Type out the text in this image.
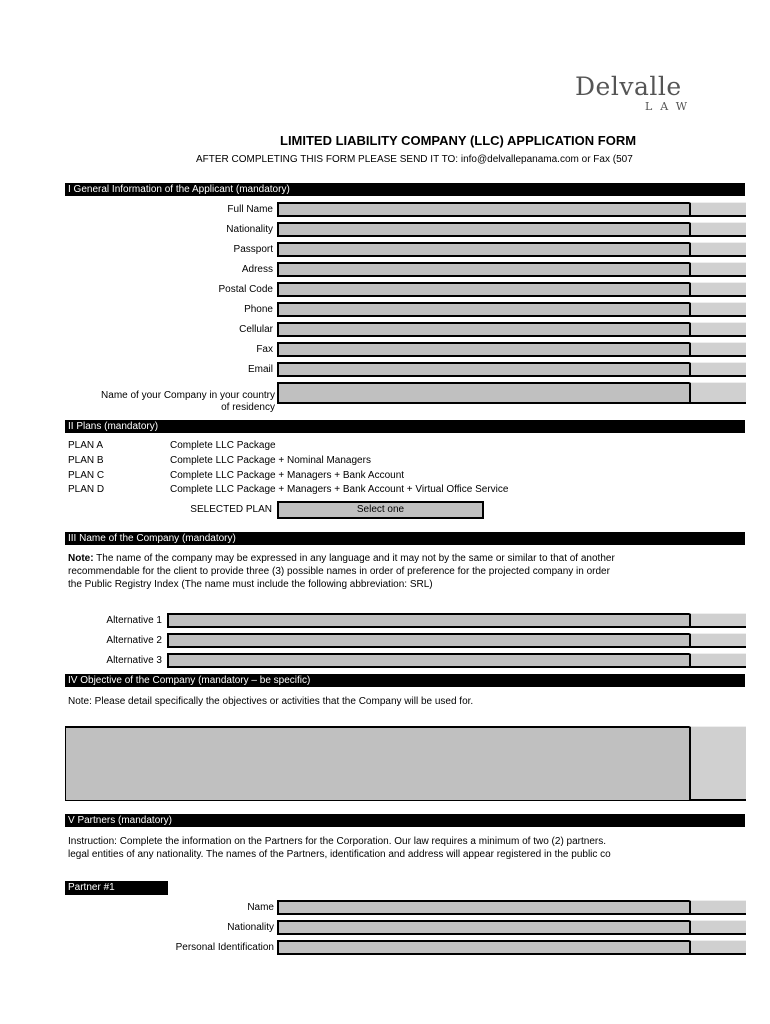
Delvalle
LAW
LIMITED LIABILITY COMPANY (LLC) APPLICATION FORM
AFTER COMPLETING THIS FORM PLEASE SEND IT TO: info@delvallepanama.com or Fax (507
I General Information of the Applicant (mandatory)
Full Name
Nationality
Passport
Adress
Postal Code
Phone
Cellular
Fax
Email
Name of your Company in your country
of residency
II Plans (mandatory)
PLAN A	Complete LLC Package
PLAN B	Complete LLC Package + Nominal Managers
PLAN C	Complete LLC Package + Managers + Bank Account
PLAN D	Complete LLC Package + Managers + Bank Account + Virtual Office Service
SELECTED PLAN	Select one
III Name of the Company (mandatory)
Note: The name of the company may be expressed in any language and it may not by the same or similar to that of another
recommendable for the client to provide three (3) possible names in order of preference for the projected company in order
the Public Registry Index (The name must include the following abbreviation: SRL)
Alternative 1
Alternative 2
Alternative 3
IV Objective of the Company (mandatory – be specific)
Note: Please detail specifically the objectives or activities that the Company will be used for.
V Partners (mandatory)
Instruction: Complete the information on the Partners for the Corporation. Our law requires a minimum of two (2) partners.
legal entities of any nationality. The names of the Partners, identification and address will appear registered in the public co
Partner #1
Name
Nationality
Personal Identification
